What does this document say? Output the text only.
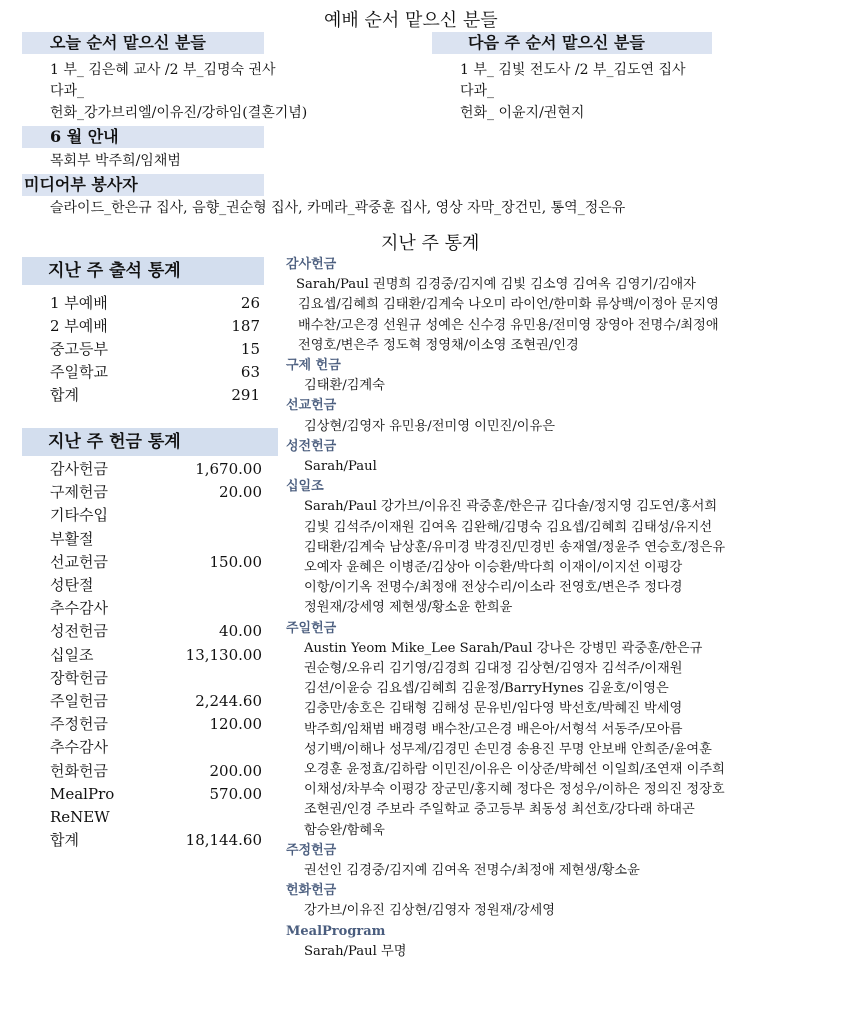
예배 순서 맡으신 분들
오늘 순서 맡으신 분들
1 부_ 김은혜 교사 /2 부_김명숙 권사
다과_
헌화_강가브리엘/이유진/강하임(결혼기념)
다음 주 순서 맡으신 분들
1 부_ 김빛 전도사 /2 부_김도연 집사
다과_
헌화_ 이윤지/권현지
6 월 안내
목회부 박주희/임채범
미디어부 봉사자
슬라이드_한은규 집사, 음향_권순형 집사, 카메라_곽중훈 집사, 영상 자막_장건민, 통역_정은유
지난 주 통계
지난 주 출석 통계
1 부예배	26
2 부예배	187
중고등부	15
주일학교	63
합계	291
지난 주 헌금 통계
감사헌금	1,670.00
구제헌금	20.00
기타수입
부활절
선교헌금	150.00
성탄절
추수감사
성전헌금	40.00
십일조	13,130.00
장학헌금
주일헌금	2,244.60
주정헌금	120.00
추수감사
헌화헌금	200.00
MealPro	570.00
ReNEW
합계	18,144.60
감사헌금
Sarah/Paul 권명희 김경중/김지예 김빛 김소영 김여옥 김영기/김애자
김요셉/김혜희 김태환/김계숙 나오미 라이언/한미화 류상백/이정아 문지영
배수찬/고은경 선원규 성예은 신수경 유민용/전미영 장영아 전명수/최정애
전영호/변은주 정도혁 정영채/이소영 조현권/인경
구제 헌금
김태환/김계숙
선교헌금
김상현/김영자 유민용/전미영 이민진/이유은
성전헌금
Sarah/Paul
십일조
Sarah/Paul 강가브/이유진 곽중훈/한은규 김다솔/정지영 김도연/홍서희
김빛 김석주/이재원 김여옥 김완해/김명숙 김요셉/김혜희 김태성/유지선
김태환/김계숙 남상훈/유미경 박경진/민경빈 송재열/정윤주 연승호/정은유
오예자 윤혜은 이병준/김상아 이승환/박다희 이재이/이지선 이평강
이항/이기옥 전명수/최정애 전상수리/이소라 전영호/변은주 정다경
정원재/강세영 제현생/황소윤 한희윤
주일헌금
Austin Yeom Mike_Lee Sarah/Paul 강나은 강병민 곽중훈/한은규
권순형/오유리 김기영/김경희 김대정 김상현/김영자 김석주/이재원
김션/이윤승 김요셉/김혜희 김윤정/BarryHynes 김윤호/이영은
김충만/송호은 김태형 김해성 문유빈/임다영 박선호/박혜진 박세영
박주희/임채범 배경령 배수찬/고은경 배은아/서형석 서동주/모아름
성기백/이해나 성무제/김경민 손민경 송용진 무명 안보배 안희준/윤여훈
오경훈 윤정효/김하람 이민진/이유은 이상준/박혜선 이일희/조연재 이주희
이채성/차부숙 이평강 장군민/홍지혜 정다은 정성우/이하은 정의진 정장호
조현권/인경 주보라 주일학교 중고등부 최동성 최선호/강다래 하대곤
함승완/함혜욱
주정헌금
권선인 김경중/김지예 김여옥 전명수/최정애 제현생/황소윤
헌화헌금
강가브/이유진 김상현/김영자 정원재/강세영
MealProgram
Sarah/Paul 무명
